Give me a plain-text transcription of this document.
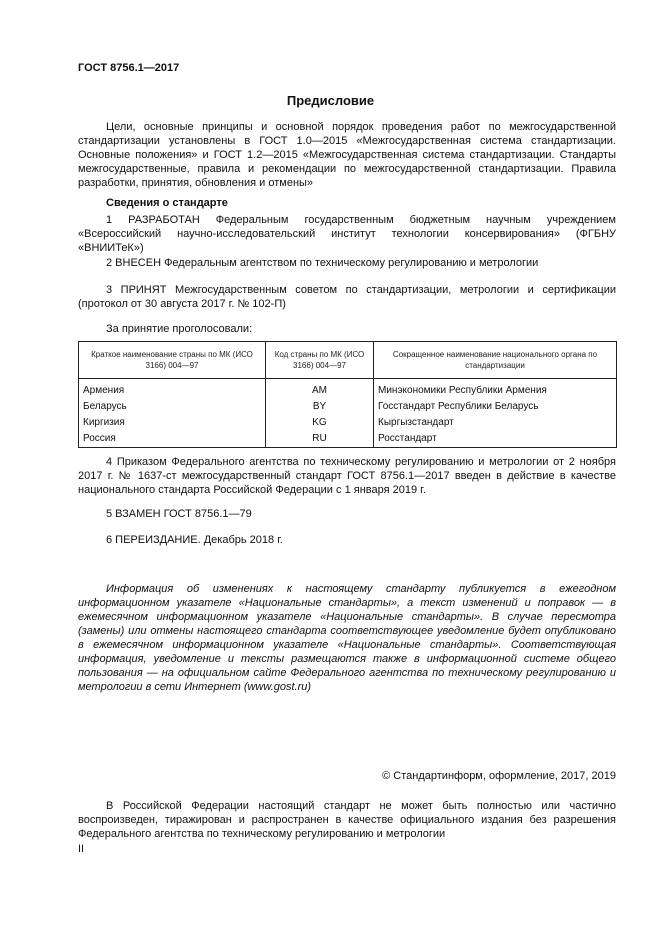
ГОСТ 8756.1—2017
Предисловие

Цели, основные принципы и основной порядок проведения работ по межгосударственной стандартизации установлены в ГОСТ 1.0—2015 «Межгосударственная система стандартизации. Основные положения» и ГОСТ 1.2—2015 «Межгосударственная система стандартизации. Стандарты межгосударственные, правила и рекомендации по межгосударственной стандартизации. Правила разработки, принятия, обновления и отмены»

Сведения о стандарте

1 РАЗРАБОТАН Федеральным государственным бюджетным научным учреждением «Всероссийский научно-исследовательский институт технологии консервирования» (ФГБНУ «ВНИИТеК»)

2 ВНЕСЕН Федеральным агентством по техническому регулированию и метрологии

3 ПРИНЯТ Межгосударственным советом по стандартизации, метрологии и сертификации (протокол от 30 августа 2017 г. № 102-П)

За принятие проголосовали:

Краткое наименование страны по МК (ИСО 3166) 004—97	Код страны по МК (ИСО 3166) 004—97	Сокращенное наименование национального органа по стандартизации
Армения	AM	Минэкономики Республики Армения
Беларусь	BY	Госстандарт Республики Беларусь
Киргизия	KG	Кыргызстандарт
Россия	RU	Росстандарт

4 Приказом Федерального агентства по техническому регулированию и метрологии от 2 ноября 2017 г. № 1637-ст межгосударственный стандарт ГОСТ 8756.1—2017 введен в действие в качестве национального стандарта Российской Федерации с 1 января 2019 г.

5 ВЗАМЕН ГОСТ 8756.1—79

6 ПЕРЕИЗДАНИЕ. Декабрь 2018 г.

Информация об изменениях к настоящему стандарту публикуется в ежегодном информационном указателе «Национальные стандарты», а текст изменений и поправок — в ежемесячном информационном указателе «Национальные стандарты». В случае пересмотра (замены) или отмены настоящего стандарта соответствующее уведомление будет опубликовано в ежемесячном информационном указателе «Национальные стандарты». Соответствующая информация, уведомление и тексты размещаются также в информационной системе общего пользования — на официальном сайте Федерального агентства по техническому регулированию и метрологии в сети Интернет (www.gost.ru)

© Стандартинформ, оформление, 2017, 2019

В Российской Федерации настоящий стандарт не может быть полностью или частично воспроизведен, тиражирован и распространен в качестве официального издания без разрешения Федерального агентства по техническому регулированию и метрологии

II
